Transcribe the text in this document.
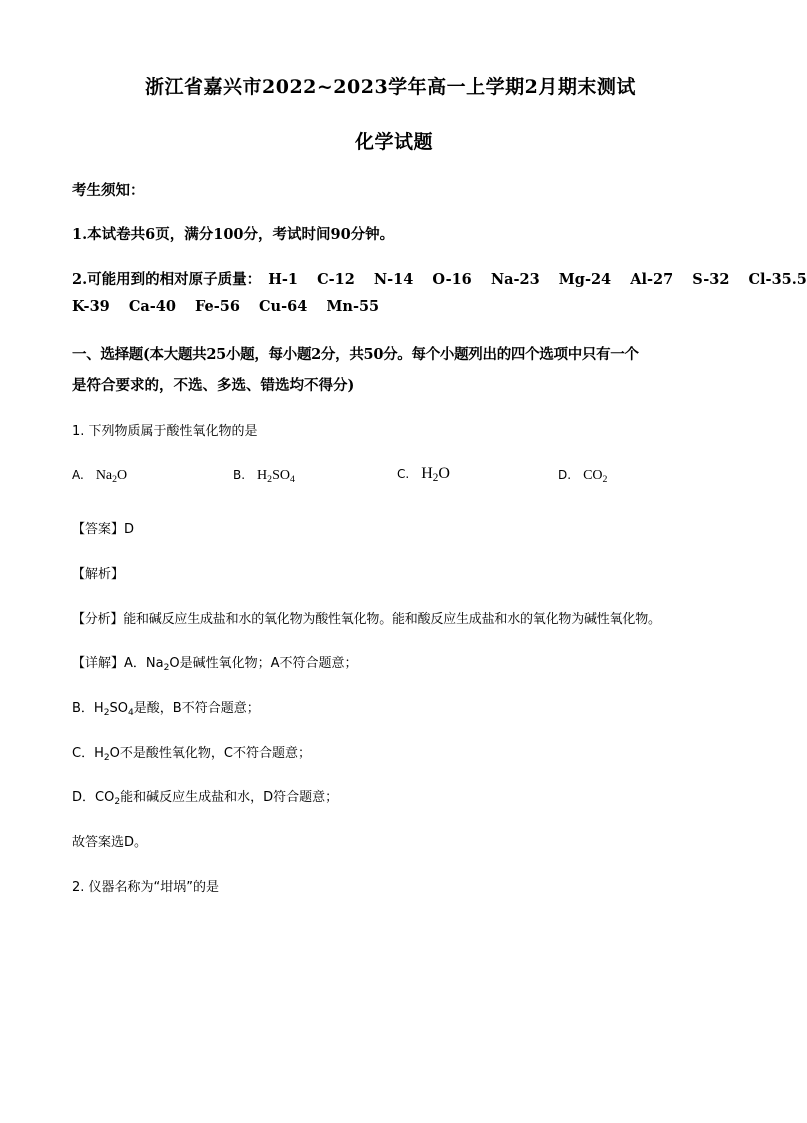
浙江省嘉兴市2022~2023学年高一上学期2月期末测试
化学试题
考生须知：
1.本试卷共6页，满分100分，考试时间90分钟。
2.可能用到的相对原子质量： H-1 C-12 N-14 O-16 Na-23 Mg-24 Al-27 S-32 Cl-35.5
K-39 Ca-40 Fe-56 Cu-64 Mn-55
一、选择题(本大题共25小题，每小题2分，共50分。每个小题列出的四个选项中只有一个
是符合要求的，不选、多选、错选均不得分)
1. 下列物质属于酸性氧化物的是
A. $Na_2O$	B. $H_2SO_4$	C. $H_2O$	D. $CO_2$
【答案】D
【解析】
【分析】能和碱反应生成盐和水的氧化物为酸性氧化物。能和酸反应生成盐和水的氧化物为碱性氧化物。
【详解】A．$Na_2O$是碱性氧化物；A不符合题意；
B．$H_2SO_4$是酸，B不符合题意；
C．$H_2O$不是酸性氧化物，C不符合题意；
D．$CO_2$能和碱反应生成盐和水，D符合题意；
故答案选D。
2. 仪器名称为“坩埚”的是
